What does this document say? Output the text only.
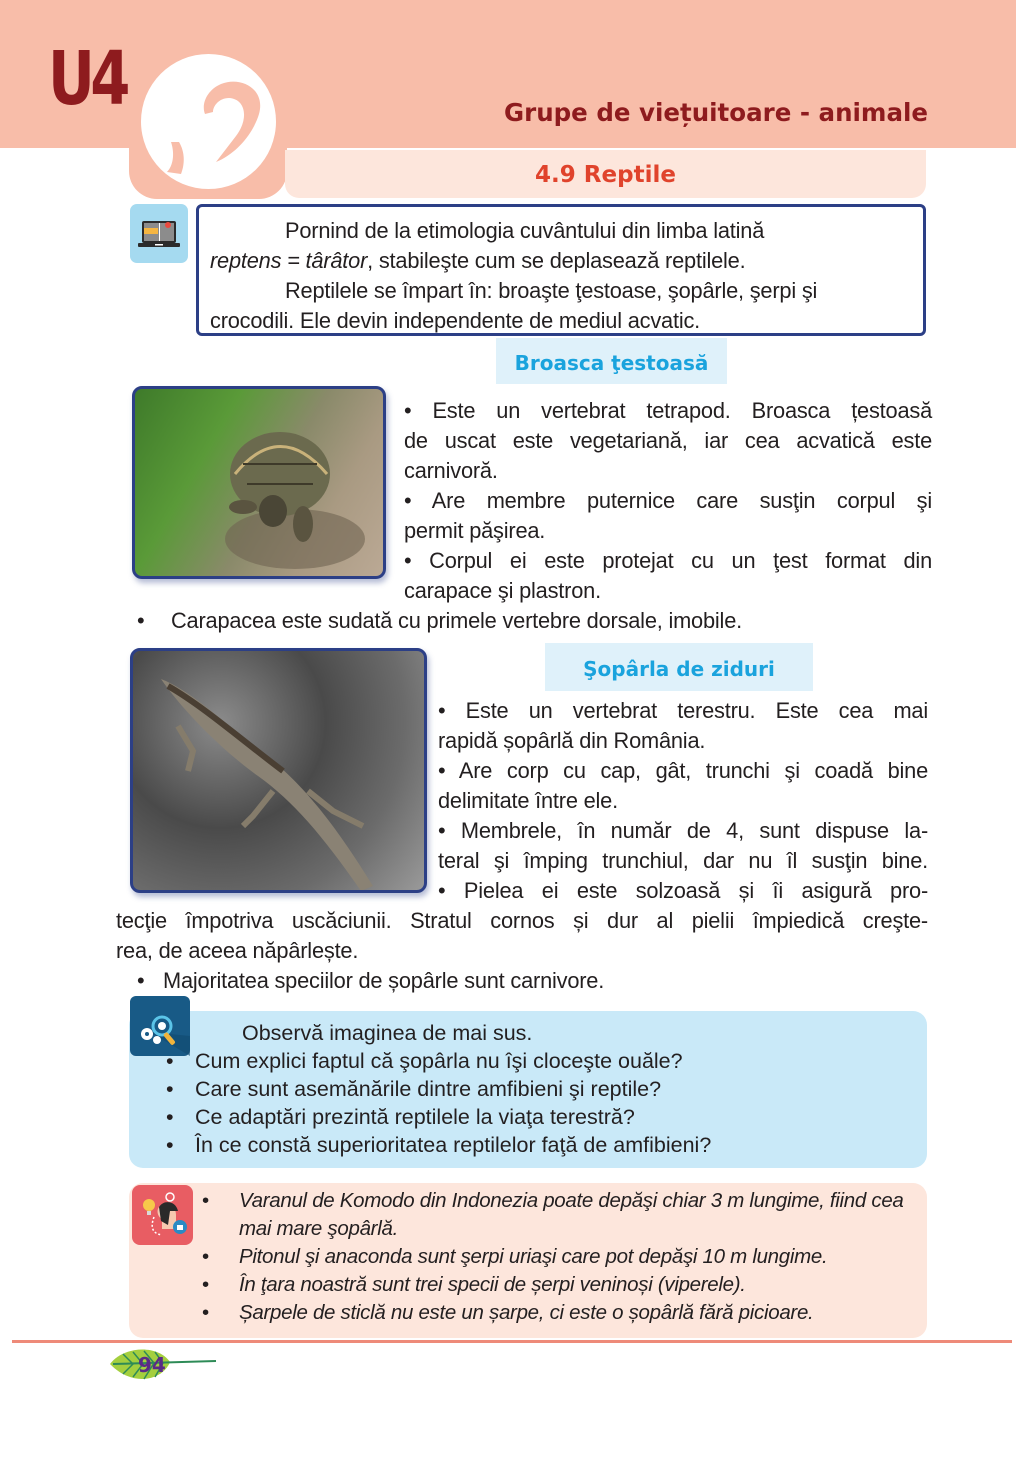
U4	Grupe de viețuitoare - animale
4.9 Reptile
Pornind de la etimologia cuvântului din limba latină
reptens = târâtor, stabileşte cum se deplasează reptilele.
Reptilele se împart în: broaşte ţestoase, şopârle, şerpi şi
crocodili. Ele devin independente de mediul acvatic.
Broasca ţestoasă
• Este un vertebrat tetrapod. Broasca țestoasă
de uscat este vegetariană, iar cea acvatică este
carnivoră.
• Are membre puternice care susţin corpul şi
permit păşirea.
• Corpul ei este protejat cu un ţest format din
carapace şi plastron.
• Carapacea este sudată cu primele vertebre dorsale, imobile.
Şopârla de ziduri
• Este un vertebrat terestru. Este cea mai
rapidă șopârlă din România.
• Are corp cu cap, gât, trunchi şi coadă bine
delimitate între ele.
• Membrele, în număr de 4, sunt dispuse la-
teral şi împing trunchiul, dar nu îl susţin bine.
• Pielea ei este solzoasă și îi asigură pro-
tecţie împotriva uscăciunii. Stratul cornos și dur al pielii împiedică creşte-
rea, de aceea năpârlește.
• Majoritatea speciilor de șopârle sunt carnivore.
Observă imaginea de mai sus.
• Cum explici faptul că şopârla nu îşi cloceşte ouăle?
• Care sunt asemănările dintre amfibieni şi reptile?
• Ce adaptări prezintă reptilele la viaţa terestră?
• În ce constă superioritatea reptilelor faţă de amfibieni?
•	Varanul de Komodo din Indonezia poate depăşi chiar 3 m lungime, fiind cea mai mare şopârlă.
•	Pitonul şi anaconda sunt şerpi uriaşi care pot depăşi 10 m lungime.
•	În ţara noastră sunt trei specii de șerpi veninoși (viperele).
•	Șarpele de sticlă nu este un șarpe, ci este o șopârlă fără picioare.
94
